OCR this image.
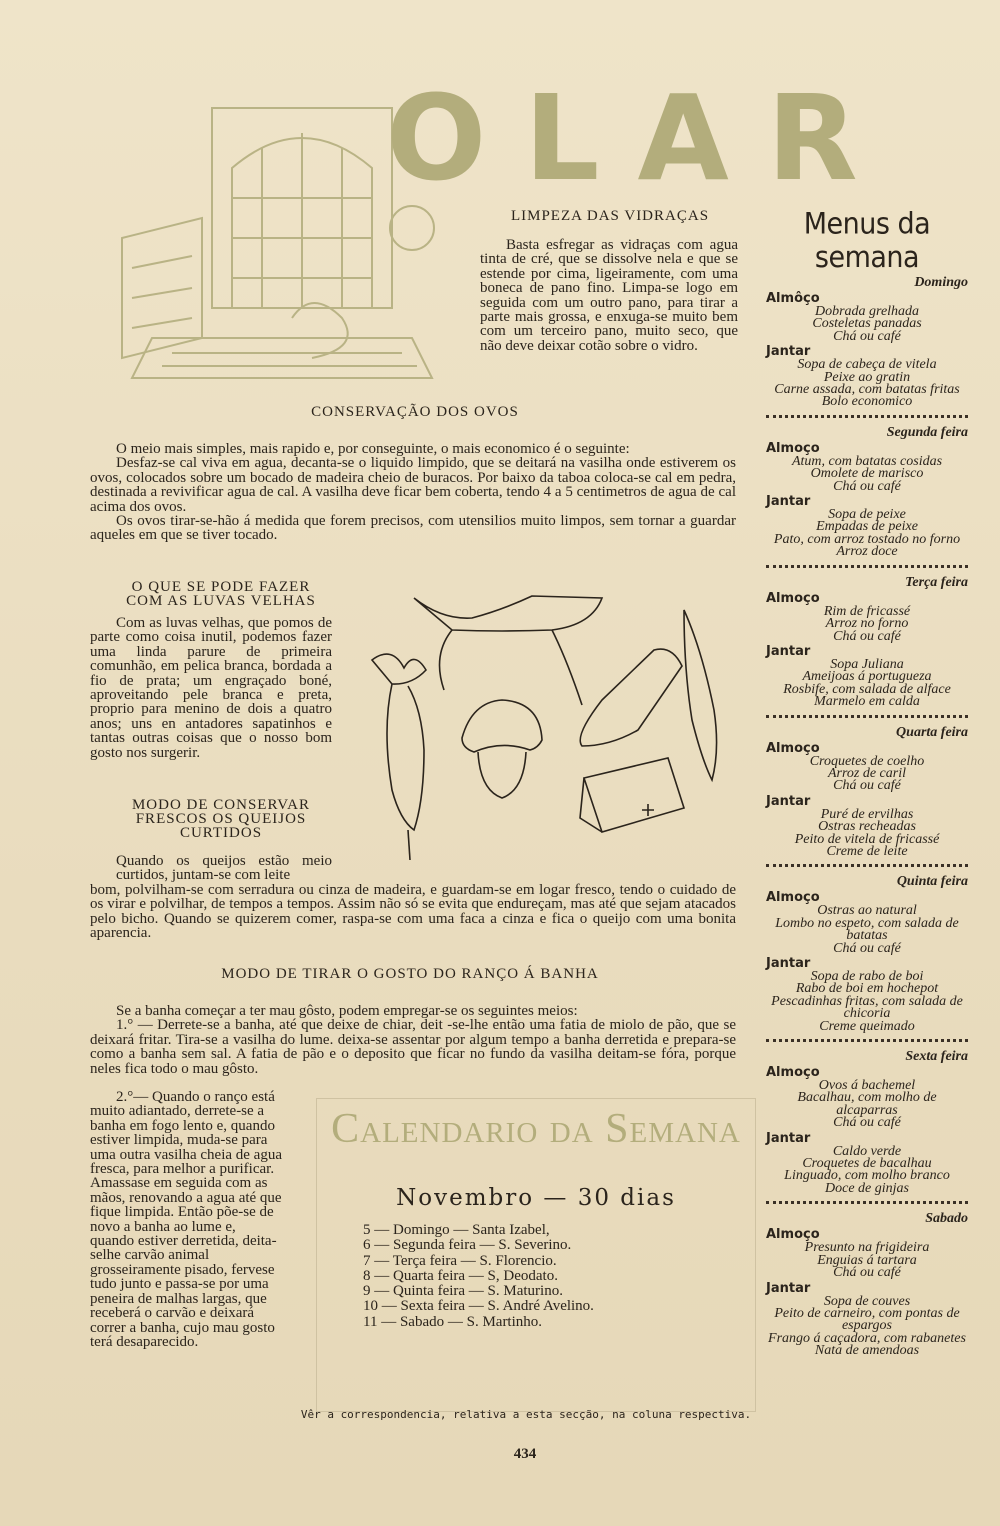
OLAR
LIMPEZA DAS VIDRAÇAS

Basta esfregar as vidraças com agua tinta de cré, que se dissolve nela e que se estende por cima, ligeiramente, com uma boneca de pano fino. Limpa-se logo em seguida com um outro pano, para tirar a parte mais grossa, e enxuga-se muito bem com um terceiro pano, muito seco, que não deve deixar cotão sobre o vidro.

CONSERVAÇÃO DOS OVOS

O meio mais simples, mais rapido e, por conseguinte, o mais economico é o seguinte:

Desfaz-se cal viva em agua, decanta-se o liquido limpido, que se deitará na vasilha onde estiverem os ovos, colocados sobre um bocado de madeira cheio de buracos. Por baixo da taboa coloca-se cal em pedra, destinada a revivificar agua de cal. A vasilha deve ficar bem coberta, tendo 4 a 5 centimetros de agua de cal acima dos ovos.

Os ovos tirar-se-hão á medida que forem precisos, com utensilios muito limpos, sem tornar a guardar aqueles em que se tiver tocado.

O QUE SE PODE FAZER
COM AS LUVAS VELHAS

Com as luvas velhas, que pomos de parte como coisa inutil, podemos fazer uma linda parure de primeira comunhão, em pelica branca, bordada a fio de prata; um engraçado boné, aproveitando pele branca e preta, proprio para menino de dois a quatro anos; uns en antadores sapatinhos e tantas outras coisas que o nosso bom gosto nos surgerir.

MODO DE CONSERVAR
FRESCOS OS QUEIJOS
CURTIDOS

Quando os queijos estão meio curtidos, juntam-se com leite

bom, polvilham-se com serradura ou cinza de madeira, e guardam-se em logar fresco, tendo o cuidado de os virar e polvilhar, de tempos a tempos. Assim não só se evita que endureçam, mas até que sejam atacados pelo bicho. Quando se quizerem comer, raspa-se com uma faca a cinza e fica o queijo com uma bonita aparencia.

MODO DE TIRAR O GOSTO DO RANÇO Á BANHA

Se a banha começar a ter mau gôsto, podem empregar-se os seguintes meios:

1.° — Derrete-se a banha, até que deixe de chiar, deit -se-lhe então uma fatia de miolo de pão, que se deixará fritar. Tira-se a vasilha do lume. deixa-se assentar por algum tempo a banha derretida e prepara-se como a banha sem sal. A fatia de pão e o deposito que ficar no fundo da vasilha deitam-se fóra, porque neles fica todo o mau gôsto.

2.°— Quando o ranço está muito adiantado, derrete-se a banha em fogo lento e, quando estiver limpida, muda-se para uma outra vasilha cheia de agua fresca, para melhor a purificar. Amassase em seguida com as mãos, renovando a agua até que fique limpida. Então põe-se de novo a banha ao lume e, quando estiver derretida, deita-selhe carvão animal grosseiramente pisado, fervese tudo junto e passa-se por uma peneira de malhas largas, que receberá o carvão e deixará correr a banha, cujo mau gosto terá desaparecido.

Calendario da Semana
Novembro — 30 dias
5 — Domingo — Santa Izabel,
6 — Segunda feira — S. Severino.
7 — Terça feira — S. Florencio.
8 — Quarta feira — S, Deodato.
9 — Quinta feira — S. Maturino.
10 — Sexta feira — S. André Avelino.
11 — Sabado — S. Martinho.
Vêr a correspondencia, relativa a esta secção, na coluna respectiva.
434
Menus da semana
Domingo
Almôço
Dobrada grelhada
Costeletas panadas
Chá ou café
Jantar
Sopa de cabeça de vitela
Peixe ao gratin
Carne assada, com batatas fritas
Bolo economico
Segunda feira
Almoço
Atum, com batatas cosidas
Omolete de marisco
Chá ou café
Jantar
Sopa de peixe
Empadas de peixe
Pato, com arroz tostado no forno
Arroz doce
Terça feira
Almoço
Rim de fricassé
Arroz no forno
Chá ou café
Jantar
Sopa Juliana
Ameijoas á portugueza
Rosbife, com salada de alface
Marmelo em calda
Quarta feira
Almoço
Croquetes de coelho
Arroz de caril
Chá ou café
Jantar
Puré de ervilhas
Ostras recheadas
Peito de vitela de fricassé
Creme de leite
Quinta feira
Almoço
Ostras ao natural
Lombo no espeto, com salada de batatas
Chá ou café
Jantar
Sopa de rabo de boi
Rabo de boi em hochepot
Pescadinhas fritas, com salada de chicoria
Creme queimado
Sexta feira
Almoço
Ovos á bachemel
Bacalhau, com molho de alcaparras
Chá ou café
Jantar
Caldo verde
Croquetes de bacalhau
Linguado, com molho branco
Doce de ginjas
Sabado
Almoço
Presunto na frigideira
Enguias á tartara
Chá ou café
Jantar
Sopa de couves
Peito de carneiro, com pontas de espargos
Frango á caçadora, com rabanetes
Nata de amendoas
